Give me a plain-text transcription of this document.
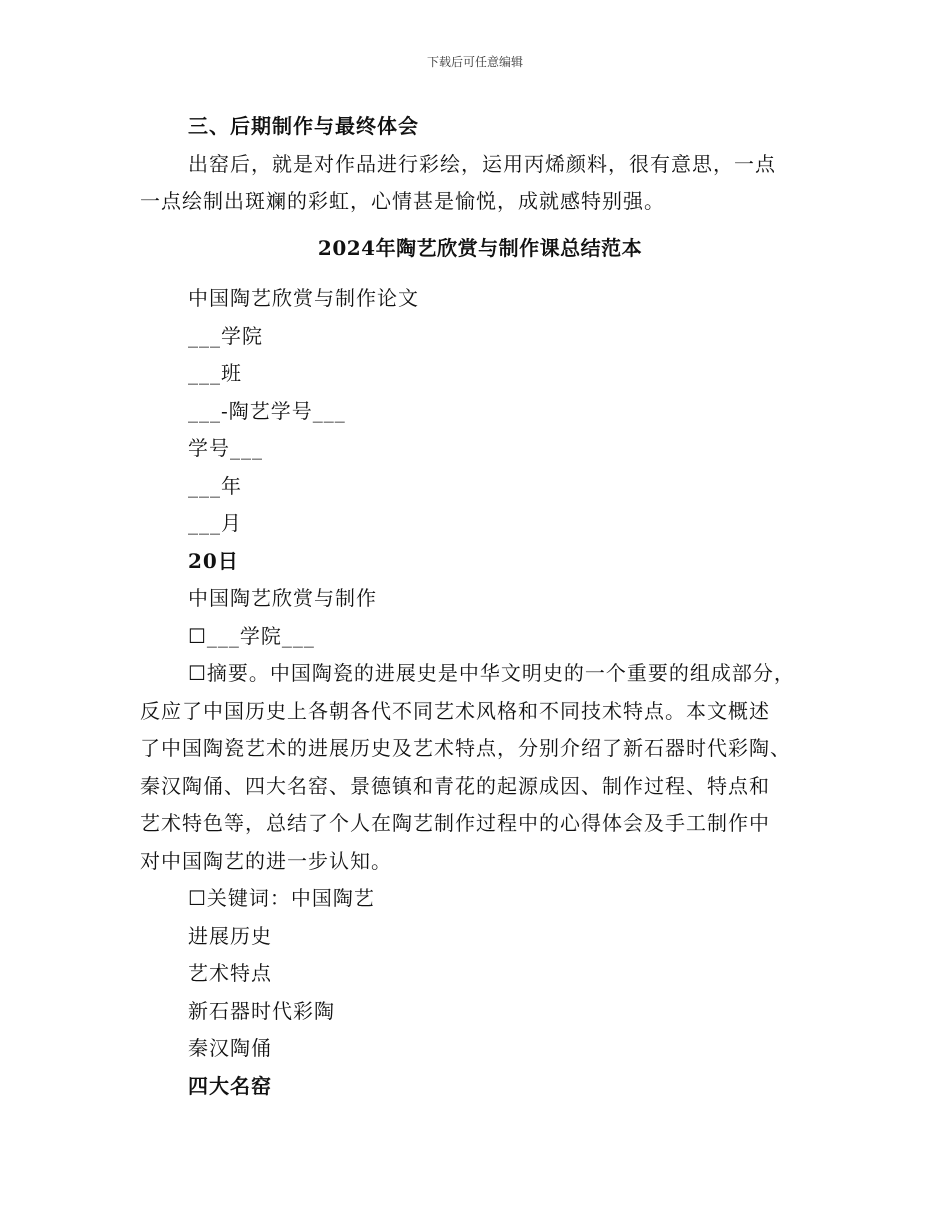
下载后可任意编辑
三、后期制作与最终体会
出窑后，就是对作品进行彩绘，运用丙烯颜料，很有意思，一点
一点绘制出斑斓的彩虹，心情甚是愉悦，成就感特别强。
2024年陶艺欣赏与制作课总结范本
中国陶艺欣赏与制作论文
___学院
___班
___-陶艺学号___
学号___
___年
___月
20日
中国陶艺欣赏与制作
☐___学院___
☐摘要。中国陶瓷的进展史是中华文明史的一个重要的组成部分，
反应了中国历史上各朝各代不同艺术风格和不同技术特点。本文概述
了中国陶瓷艺术的进展历史及艺术特点，分别介绍了新石器时代彩陶、
秦汉陶俑、四大名窑、景德镇和青花的起源成因、制作过程、特点和
艺术特色等，总结了个人在陶艺制作过程中的心得体会及手工制作中
对中国陶艺的进一步认知。
☐关键词：中国陶艺
进展历史
艺术特点
新石器时代彩陶
秦汉陶俑
四大名窑
